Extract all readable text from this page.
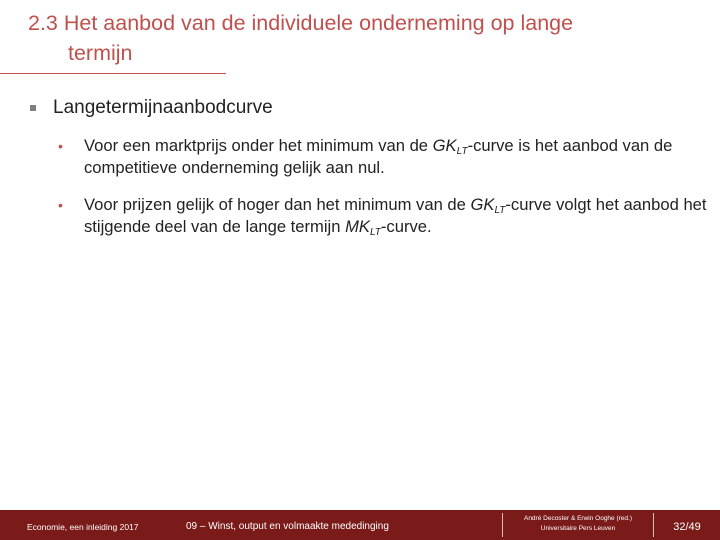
2.3 Het aanbod van de individuele onderneming op lange
termijn
Langetermijnaanbodcurve
•	Voor een marktprijs onder het minimum van de $GK_{LT}$-curve is het aanbod van de competitieve onderneming gelijk aan nul.
•	Voor prijzen gelijk of hoger dan het minimum van de $GK_{LT}$-curve volgt het aanbod het stijgende deel van de lange termijn $MK_{LT}$-curve.
Economie, een inleiding 2017	09 – Winst, output en volmaakte mededinging
André Decoster & Erwin Ooghe (red.)
Universitaire Pers Leuven	32/49
